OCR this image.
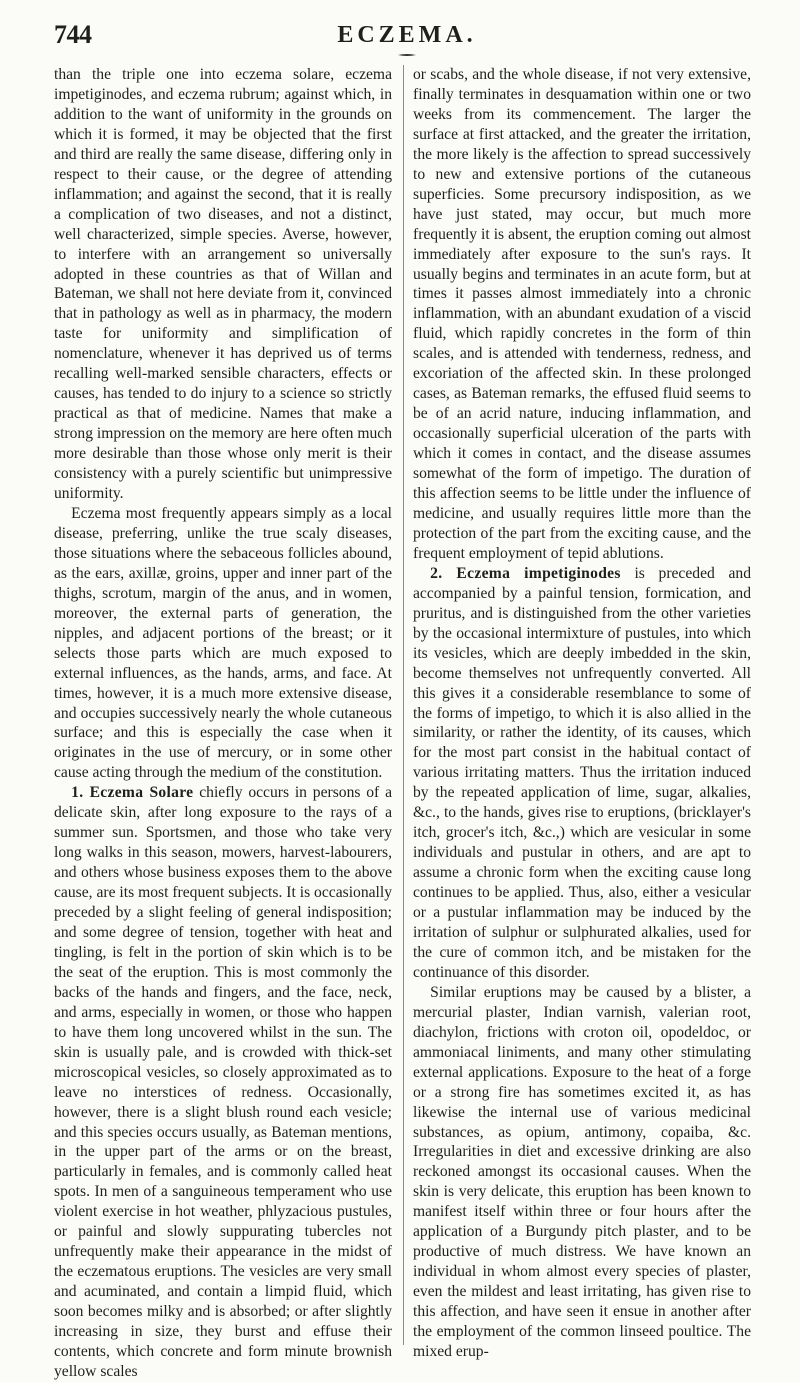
744	ECZEMA.

than the triple one into eczema solare, eczema impetiginodes, and eczema rubrum; against which, in addition to the want of uniformity in the grounds on which it is formed, it may be objected that the first and third are really the same disease, differing only in respect to their cause, or the degree of attending inflammation; and against the second, that it is really a complication of two diseases, and not a distinct, well characterized, simple species. Averse, however, to interfere with an arrangement so universally adopted in these countries as that of Willan and Bateman, we shall not here deviate from it, convinced that in pathology as well as in pharmacy, the modern taste for uniformity and simplification of nomenclature, whenever it has deprived us of terms recalling well-marked sensible characters, effects or causes, has tended to do injury to a science so strictly practical as that of medicine. Names that make a strong impression on the memory are here often much more desirable than those whose only merit is their consistency with a purely scientific but unimpressive uniformity.

Eczema most frequently appears simply as a local disease, preferring, unlike the true scaly diseases, those situations where the sebaceous follicles abound, as the ears, axillæ, groins, upper and inner part of the thighs, scrotum, margin of the anus, and in women, moreover, the external parts of generation, the nipples, and adjacent portions of the breast; or it selects those parts which are much exposed to external influences, as the hands, arms, and face. At times, however, it is a much more extensive disease, and occupies successively nearly the whole cutaneous surface; and this is especially the case when it originates in the use of mercury, or in some other cause acting through the medium of the constitution.

1. Eczema Solare chiefly occurs in persons of a delicate skin, after long exposure to the rays of a summer sun. Sportsmen, and those who take very long walks in this season, mowers, harvest-labourers, and others whose business exposes them to the above cause, are its most frequent subjects. It is occasionally preceded by a slight feeling of general indisposition; and some degree of tension, together with heat and tingling, is felt in the portion of skin which is to be the seat of the eruption. This is most commonly the backs of the hands and fingers, and the face, neck, and arms, especially in women, or those who happen to have them long uncovered whilst in the sun. The skin is usually pale, and is crowded with thick-set microscopical vesicles, so closely approximated as to leave no interstices of redness. Occasionally, however, there is a slight blush round each vesicle; and this species occurs usually, as Bateman mentions, in the upper part of the arms or on the breast, particularly in females, and is commonly called heat spots. In men of a sanguineous temperament who use violent exercise in hot weather, phlyzacious pustules, or painful and slowly suppurating tubercles not unfrequently make their appearance in the midst of the eczematous eruptions. The vesicles are very small and acuminated, and contain a limpid fluid, which soon becomes milky and is absorbed; or after slightly increasing in size, they burst and effuse their contents, which concrete and form minute brownish yellow scales

or scabs, and the whole disease, if not very extensive, finally terminates in desquamation within one or two weeks from its commencement. The larger the surface at first attacked, and the greater the irritation, the more likely is the affection to spread successively to new and extensive portions of the cutaneous superficies. Some precursory indisposition, as we have just stated, may occur, but much more frequently it is absent, the eruption coming out almost immediately after exposure to the sun's rays. It usually begins and terminates in an acute form, but at times it passes almost immediately into a chronic inflammation, with an abundant exudation of a viscid fluid, which rapidly concretes in the form of thin scales, and is attended with tenderness, redness, and excoriation of the affected skin. In these prolonged cases, as Bateman remarks, the effused fluid seems to be of an acrid nature, inducing inflammation, and occasionally superficial ulceration of the parts with which it comes in contact, and the disease assumes somewhat of the form of impetigo. The duration of this affection seems to be little under the influence of medicine, and usually requires little more than the protection of the part from the exciting cause, and the frequent employment of tepid ablutions.

2. Eczema impetiginodes is preceded and accompanied by a painful tension, formication, and pruritus, and is distinguished from the other varieties by the occasional intermixture of pustules, into which its vesicles, which are deeply imbedded in the skin, become themselves not unfrequently converted. All this gives it a considerable resemblance to some of the forms of impetigo, to which it is also allied in the similarity, or rather the identity, of its causes, which for the most part consist in the habitual contact of various irritating matters. Thus the irritation induced by the repeated application of lime, sugar, alkalies, &c., to the hands, gives rise to eruptions, (bricklayer's itch, grocer's itch, &c.,) which are vesicular in some individuals and pustular in others, and are apt to assume a chronic form when the exciting cause long continues to be applied. Thus, also, either a vesicular or a pustular inflammation may be induced by the irritation of sulphur or sulphurated alkalies, used for the cure of common itch, and be mistaken for the continuance of this disorder.

Similar eruptions may be caused by a blister, a mercurial plaster, Indian varnish, valerian root, diachylon, frictions with croton oil, opodeldoc, or ammoniacal liniments, and many other stimulating external applications. Exposure to the heat of a forge or a strong fire has sometimes excited it, as has likewise the internal use of various medicinal substances, as opium, antimony, copaiba, &c. Irregularities in diet and excessive drinking are also reckoned amongst its occasional causes. When the skin is very delicate, this eruption has been known to manifest itself within three or four hours after the application of a Burgundy pitch plaster, and to be productive of much distress. We have known an individual in whom almost every species of plaster, even the mildest and least irritating, has given rise to this affection, and have seen it ensue in another after the employment of the common linseed poultice. The mixed erup-
